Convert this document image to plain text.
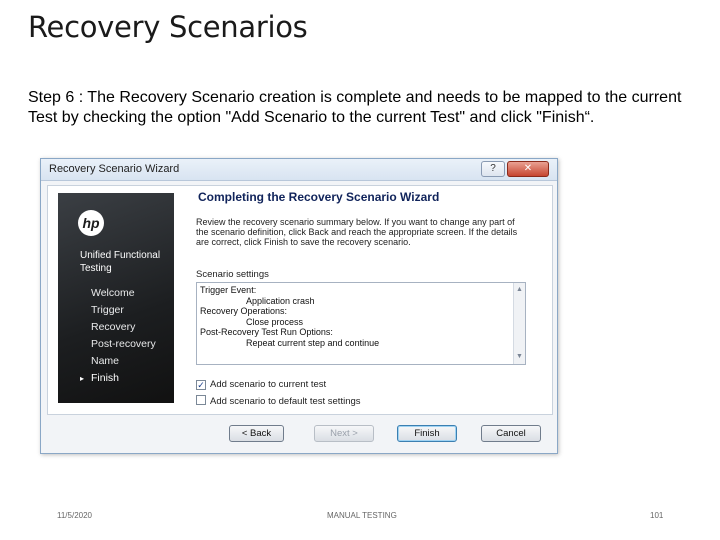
Recovery Scenarios
Step 6 : The Recovery Scenario creation is complete and needs to be mapped to the current Test by checking the option "Add Scenario to the current Test" and click "Finish“.
Recovery Scenario Wizard	?	✕
hp
Unified Functional Testing
Welcome
Trigger
Recovery
Post-recovery
Name
▸ Finish
Completing the Recovery Scenario Wizard
Review the recovery scenario summary below. If you want to change any part of the scenario definition, click Back and reach the appropriate screen. If the details are correct, click Finish to save the recovery scenario.
Scenario settings
Trigger Event:
Application crash
Recovery Operations:
Close process
Post-Recovery Test Run Options:
Repeat current step and continue
▲
▼
✓ Add scenario to current test
Add scenario to default test settings
< Back	Next >	Finish	Cancel
11/5/2020	MANUAL TESTING	101
